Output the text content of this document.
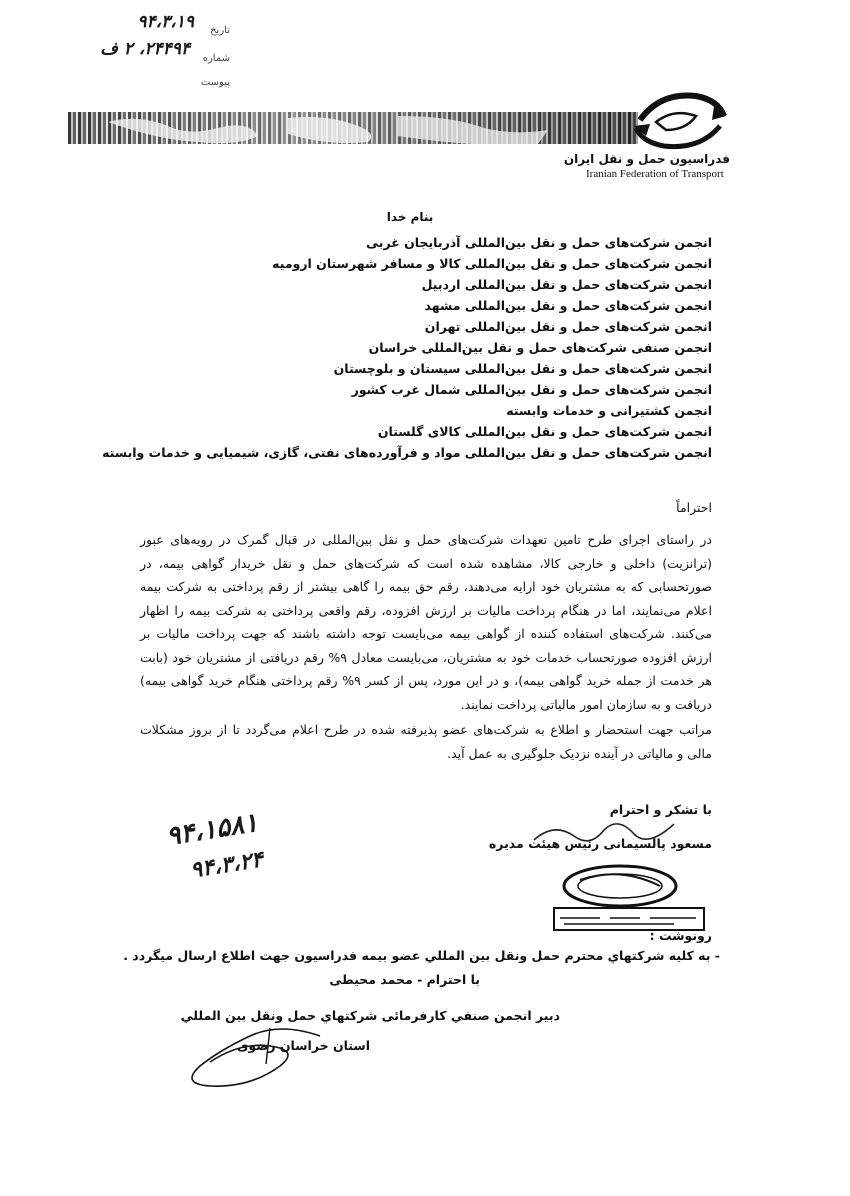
تاریخ
۹۴،۳،۱۹
شماره
۲۴۴۹۴، ۲ ف
پیوست
فدراسیون حمل و نقل ایران
Iranian Federation of Transport
بنام خدا
انجمن شرکت‌های حمل و نقل بین‌المللی آذربایجان غربی
انجمن شرکت‌های حمل و نقل بین‌المللی کالا و مسافر شهرستان ارومیه
انجمن شرکت‌های حمل و نقل بین‌المللی اردبیل
انجمن شرکت‌های حمل و نقل بین‌المللی مشهد
انجمن شرکت‌های حمل و نقل بین‌المللی تهران
انجمن صنفی شرکت‌های حمل و نقل بین‌المللی خراسان
انجمن شرکت‌های حمل و نقل بین‌المللی سیستان و بلوچستان
انجمن شرکت‌های حمل و نقل بین‌المللی شمال غرب کشور
انجمن کشتیرانی و خدمات وابسته
انجمن شرکت‌های حمل و نقل بین‌المللی کالای گلستان
انجمن شرکت‌های حمل و نقل بین‌المللی مواد و فرآورده‌های نفتی، گازی، شیمیایی و خدمات وابسته
احتراماً
در راستای اجرای طرح تامین تعهدات شرکت‌های حمل و نقل بین‌المللی در قبال گمرک در رویه‌های عبور (ترانزیت) داخلی و خارجی کالا، مشاهده شده است که شرکت‌های حمل و نقل خریدار گواهی بیمه، در صورتحسابی که به مشتریان خود ارایه می‌دهند، رقم حق بیمه را گاهی بیشتر از رقم پرداختی به شرکت بیمه اعلام می‌نمایند، اما در هنگام پرداخت مالیات بر ارزش افزوده، رقم واقعی پرداختی به شرکت بیمه را اظهار می‌کنند. شرکت‌های استفاده کننده از گواهی بیمه می‌بایست توجه داشته باشند که جهت پرداخت مالیات بر ارزش افزوده صورتحساب خدمات خود به مشتریان، می‌بایست معادل ۹% رقم دریافتی از مشتریان خود (بابت هر خدمت از جمله خرید گواهی بیمه)، و در این مورد، پس از کسر ۹% رقم پرداختی هنگام خرید گواهی بیمه) دریافت و به سازمان امور مالیاتی پرداخت نمایند.
مراتب جهت استحضار و اطلاع به شرکت‌های عضو پذیرفته شده در طرح اعلام می‌گردد تا از بروز مشکلات مالی و مالیاتی در آینده نزدیک جلوگیری به عمل آید.
با تشکر و احترام
مسعود پالسیمانی رئیس هیئت مدیره
۹۴،۱۵۸۱
۹۴،۳،۲۴
رونوشت :
- به کلیه شرکتهاي محترم حمل ونقل بین المللي عضو بیمه فدراسیون جهت اطلاع ارسال میگردد .
با احترام - محمد محیطی
دبیر انجمن صنفي کارفرمائی شرکتهاي حمل ونقل بین المللي
استان خراسان رضوی
